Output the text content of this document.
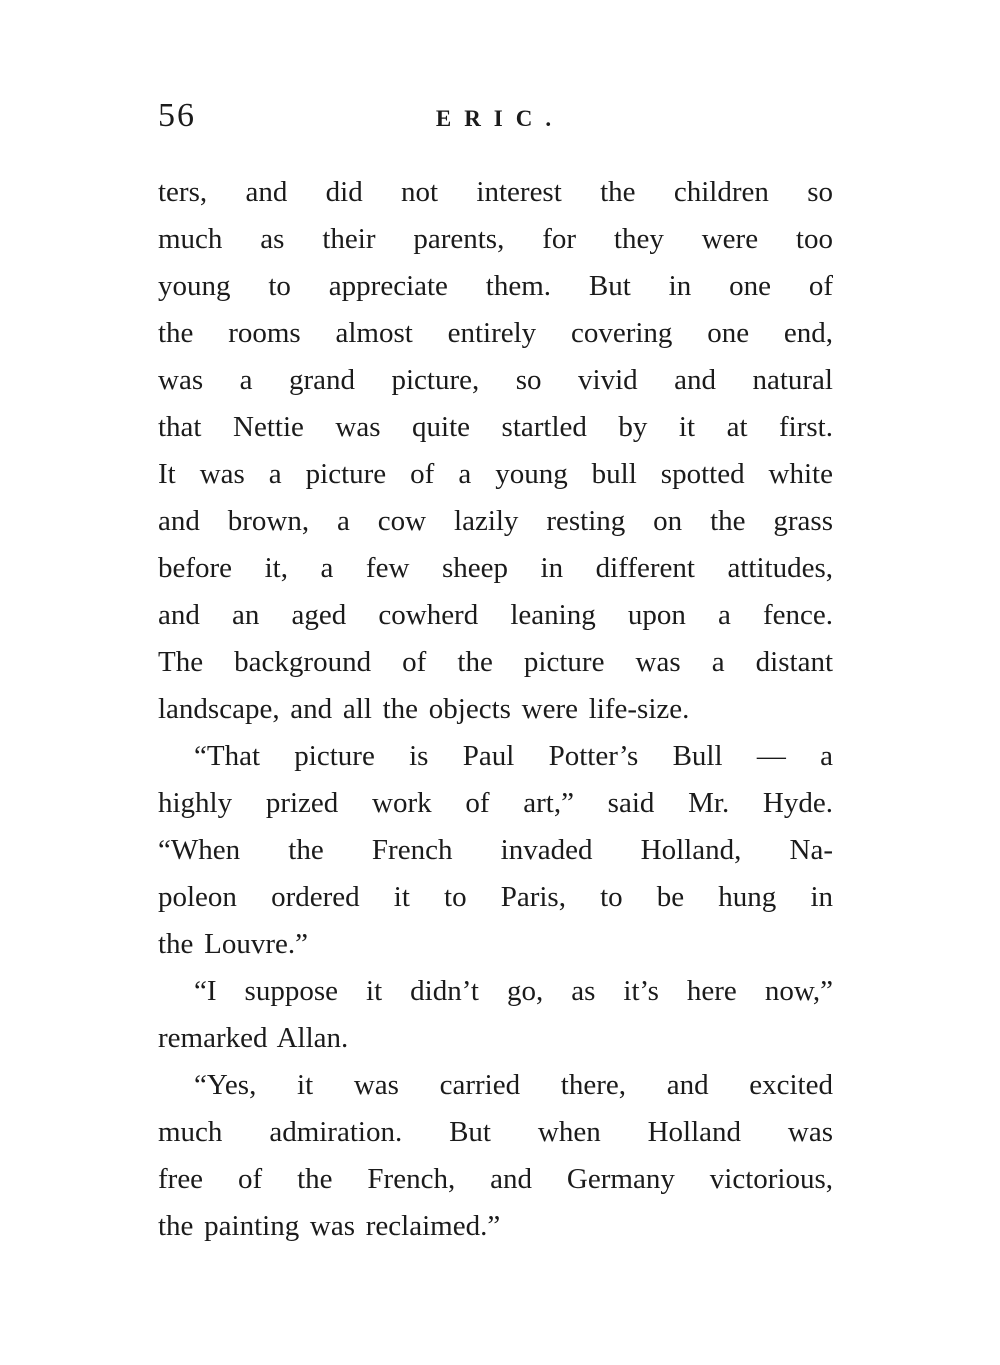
56	ERIC.
ters, and did not interest the children so
much as their parents, for they were too
young to appreciate them. But in one of
the rooms almost entirely covering one end,
was a grand picture, so vivid and natural
that Nettie was quite startled by it at first.
It was a picture of a young bull spotted white
and brown, a cow lazily resting on the grass
before it, a few sheep in different attitudes,
and an aged cowherd leaning upon a fence.
The background of the picture was a distant
landscape, and all the objects were life-size.
“That picture is Paul Potter’s Bull — a
highly prized work of art,” said Mr. Hyde.
“When the French invaded Holland, Na-
poleon ordered it to Paris, to be hung in
the Louvre.”
“I suppose it didn’t go, as it’s here now,”
remarked Allan.
“Yes, it was carried there, and excited
much admiration. But when Holland was
free of the French, and Germany victorious,
the painting was reclaimed.”
